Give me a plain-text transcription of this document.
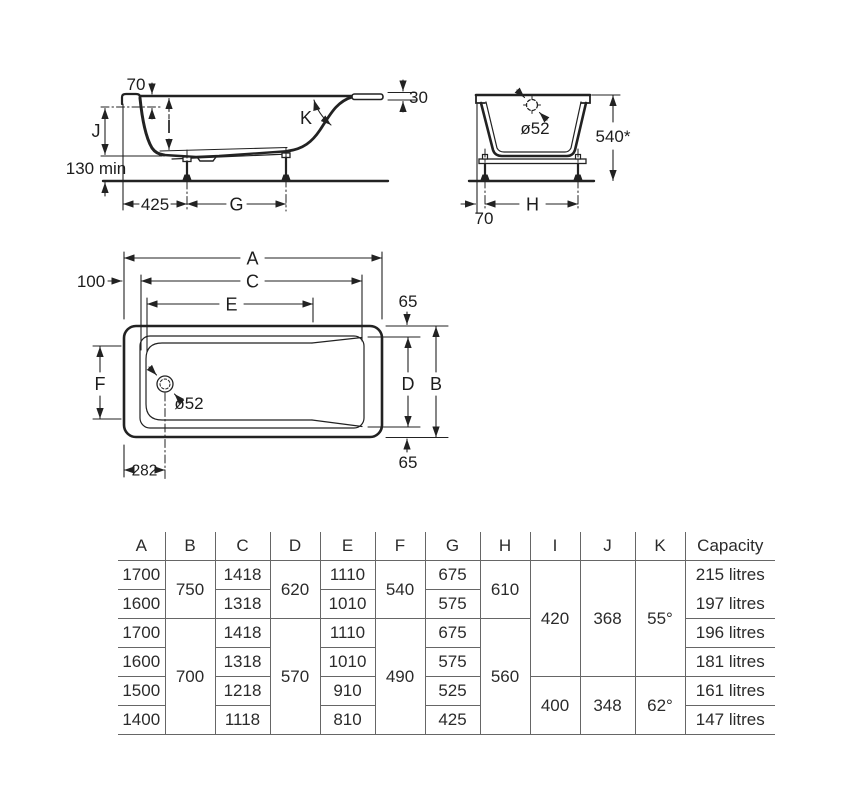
70
J	I
130 min
K
30
425	G
ø52	540*
H
70
ø52
A
C
E
100
65
D B
65
F
282
A	B	C	D	E	F	G	H	I	J	K	Capacity
1700	750	1418	620	1110	540	675	610	420	368	55°	215 litres
1600		1318		1010		575					197 litres
1700	700	1418	570	1110	490	675	560				196 litres
1600		1318		1010		575					181 litres
1500		1218		910		525		400	348	62°	161 litres
1400		1118		810		425					147 litres
